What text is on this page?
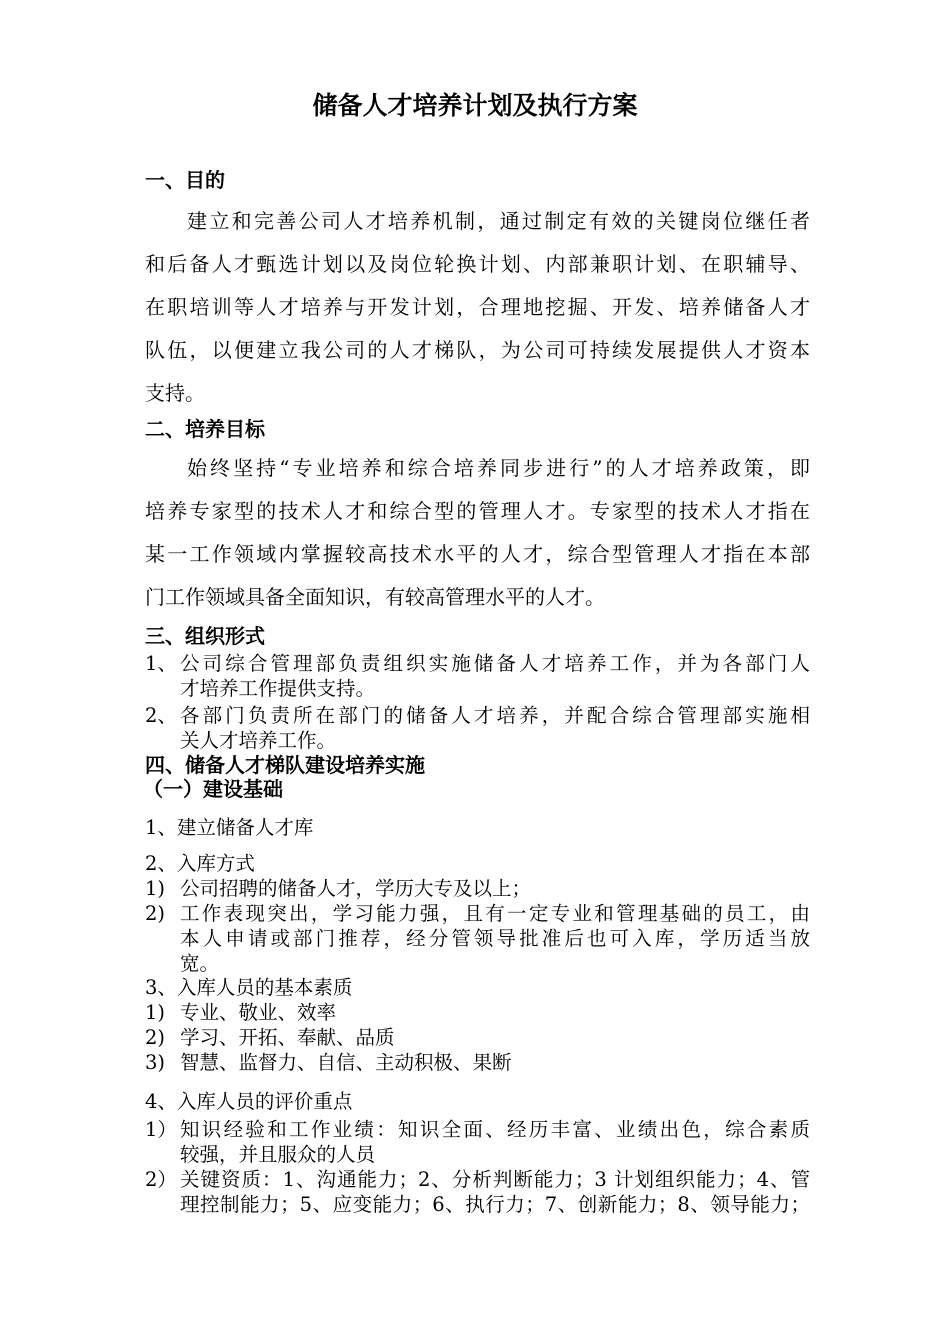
储备人才培养计划及执行方案
一、目的
建立和完善公司人才培养机制，通过制定有效的关键岗位继任者
和后备人才甄选计划以及岗位轮换计划、内部兼职计划、在职辅导、
在职培训等人才培养与开发计划，合理地挖掘、开发、培养储备人才
队伍，以便建立我公司的人才梯队，为公司可持续发展提供人才资本
支持。
二、培养目标
始终坚持“专业培养和综合培养同步进行”的人才培养政策，即
培养专家型的技术人才和综合型的管理人才。专家型的技术人才指在
某一工作领域内掌握较高技术水平的人才，综合型管理人才指在本部
门工作领域具备全面知识，有较高管理水平的人才。
三、组织形式
1、 公司综合管理部负责组织实施储备人才培养工作，并为各部门人
才培养工作提供支持。
2、 各部门负责所在部门的储备人才培养，并配合综合管理部实施相
关人才培养工作。
四、储备人才梯队建设培养实施
（一）建设基础
1、建立储备人才库
2、入库方式
1) 公司招聘的储备人才，学历大专及以上；
2) 工作表现突出，学习能力强，且有一定专业和管理基础的员工，由
本人申请或部门推荐，经分管领导批准后也可入库，学历适当放
宽。
3、入库人员的基本素质
1) 专业、敬业、效率
2) 学习、开拓、奉献、品质
3) 智慧、监督力、自信、主动积极、果断
4、入库人员的评价重点
1） 知识经验和工作业绩：知识全面、经历丰富、业绩出色，综合素质
较强，并且服众的人员
2） 关键资质：1、沟通能力；2、分析判断能力；3 计划组织能力；4、管
理控制能力；5、应变能力；6、执行力；7、创新能力；8、领导能力；
